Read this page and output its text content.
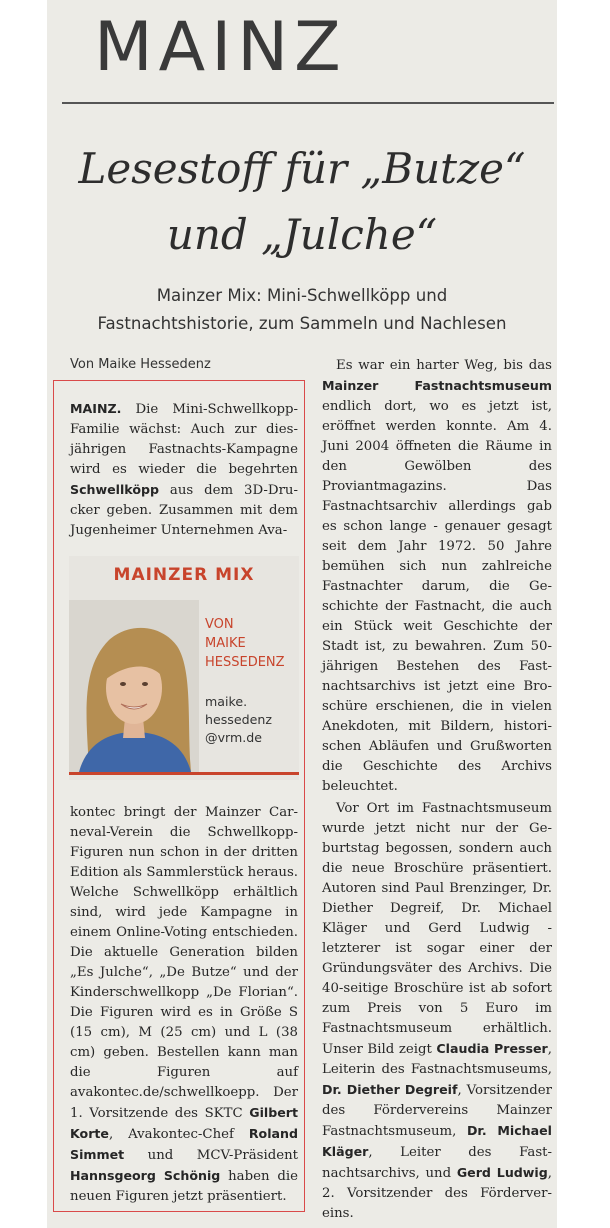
MAINZ
Lesestoff für „Butze“
und „Julche“

Mainzer Mix: Mini-Schwellköpp und
Fastnachtshistorie, zum Sammeln und Nachlesen

Von Maike Hessedenz

MAINZ. Die Mini-Schwellkopp-Familie wächst: Auch zur diesjährigen Fastnachts-Kampagne wird es wieder die begehrten Schwellköpp aus dem 3D-Drucker geben. Zusammen mit dem Jugenheimer Unternehmen Ava-

MAINZER MIX

VON
MAIKE
HESSEDENZ

maike.
hessedenz
@vrm.de

kontec bringt der Mainzer Carneval-Verein die Schwellkopp-Figuren nun schon in der dritten Edition als Sammlerstück heraus. Welche Schwellköpp erhältlich sind, wird jede Kampagne in einem Online-Voting entschieden. Die aktuelle Generation bilden „Es Julche“, „De Butze“ und der Kinderschwellkopp „De Florian“. Die Figuren wird es in Größe S (15 cm), M (25 cm) und L (38 cm) geben. Bestellen kann man die Figuren auf avakontec.de/schwellkoepp. Der 1. Vorsitzende des SKTC Gilbert Korte, Avakontec-Chef Roland Simmet und MCV-Präsident Hannsgeorg Schönig haben die neuen Figuren jetzt präsentiert.

Es war ein harter Weg, bis das Mainzer Fastnachtsmuseum endlich dort, wo es jetzt ist, eröffnet werden konnte. Am 4. Juni 2004 öffneten die Räume in den Gewölben des Proviantmagazins. Das Fastnachtsarchiv allerdings gab es schon lange - genauer gesagt seit dem Jahr 1972. 50 Jahre bemühen sich nun zahlreiche Fastnachter darum, die Geschichte der Fastnacht, die auch ein Stück weit Geschichte der Stadt ist, zu bewahren. Zum 50-jährigen Bestehen des Fastnachtsarchivs ist jetzt eine Broschüre erschienen, die in vielen Anekdoten, mit Bildern, historischen Abläufen und Grußworten die Geschichte des Archivs beleuchtet.

Vor Ort im Fastnachtsmuseum wurde jetzt nicht nur der Geburtstag begossen, sondern auch die neue Broschüre präsentiert. Autoren sind Paul Brenzinger, Dr. Diether Degreif, Dr. Michael Kläger und Gerd Ludwig - letzterer ist sogar einer der Gründungsväter des Archivs. Die 40-seitige Broschüre ist ab sofort zum Preis von 5 Euro im Fastnachtsmuseum erhältlich. Unser Bild zeigt Claudia Presser, Leiterin des Fastnachtsmuseums, Dr. Diether Degreif, Vorsitzender des Fördervereins Mainzer Fastnachtsmuseum, Dr. Michael Kläger, Leiter des Fastnachtsarchivs, und Gerd Ludwig, 2. Vorsitzender des Fördervereins.
